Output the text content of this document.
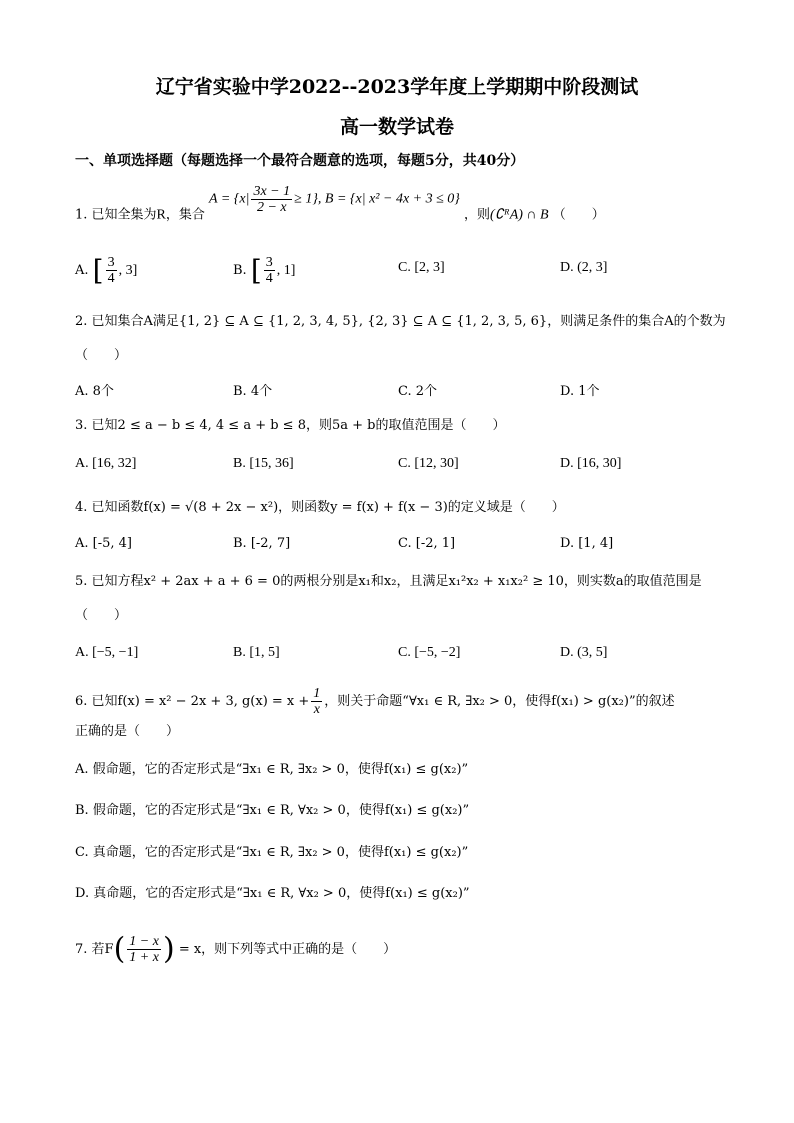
辽宁省实验中学2022--2023学年度上学期期中阶段测试
高一数学试卷
一、单项选择题（每题选择一个最符合题意的选项，每题5分，共40分）
1. 已知全集为R，集合 $A = \{x| \frac{3x - 1}{2 - x} \ge 1\}$, B = {x| x² − 4x + 3 ≤ 0} ，则(∁ᴿA) ∩ B （　　）
A. [ $\frac{3}{4}$ , 3]	B. [ $\frac{3}{4}$ , 1]	C. [2, 3]	D. (2, 3]
2. 已知集合A满足{1, 2} ⊆ A ⊆ {1, 2, 3, 4, 5}, {2, 3} ⊆ A ⊆ {1, 2, 3, 5, 6}，则满足条件的集合A的个数为
（　　）
A. 8个	B. 4个	C. 2个	D. 1个
3. 已知2 ≤ a − b ≤ 4, 4 ≤ a + b ≤ 8，则5a + b的取值范围是（　　）
A. [16, 32]	B. [15, 36]	C. [12, 30]	D. [16, 30]
4. 已知函数f(x) = √(8 + 2x − x²)，则函数y = f(x) + f(x − 3)的定义域是（　　）
A. [-5, 4]	B. [-2, 7]	C. [-2, 1]	D. [1, 4]
5. 已知方程x² + 2ax + a + 6 = 0的两根分别是x₁和x₂，且满足x₁²x₂ + x₁x₂² ≥ 10，则实数a的取值范围是
（　　）
A. [−5, −1]	B. [1, 5]	C. [−5, −2]	D. (3, 5]
6. 已知f(x) = x² − 2x + 3, $g(x) = x + \frac{1}{x}$ ，则关于命题“∀x₁ ∈ R, ∃x₂ > 0，使得f(x₁) > g(x₂)”的叙述
正确的是（　　）
A. 假命题，它的否定形式是“∃x₁ ∈ R, ∃x₂ > 0，使得f(x₁) ≤ g(x₂)”
B. 假命题，它的否定形式是“∃x₁ ∈ R, ∀x₂ > 0，使得f(x₁) ≤ g(x₂)”
C. 真命题，它的否定形式是“∃x₁ ∈ R, ∃x₂ > 0，使得f(x₁) ≤ g(x₂)”
D. 真命题，它的否定形式是“∃x₁ ∈ R, ∀x₂ > 0，使得f(x₁) ≤ g(x₂)”
7. 若$F( \frac{1 - x}{1 + x}$ ) = x，则下列等式中正确的是（　　）
